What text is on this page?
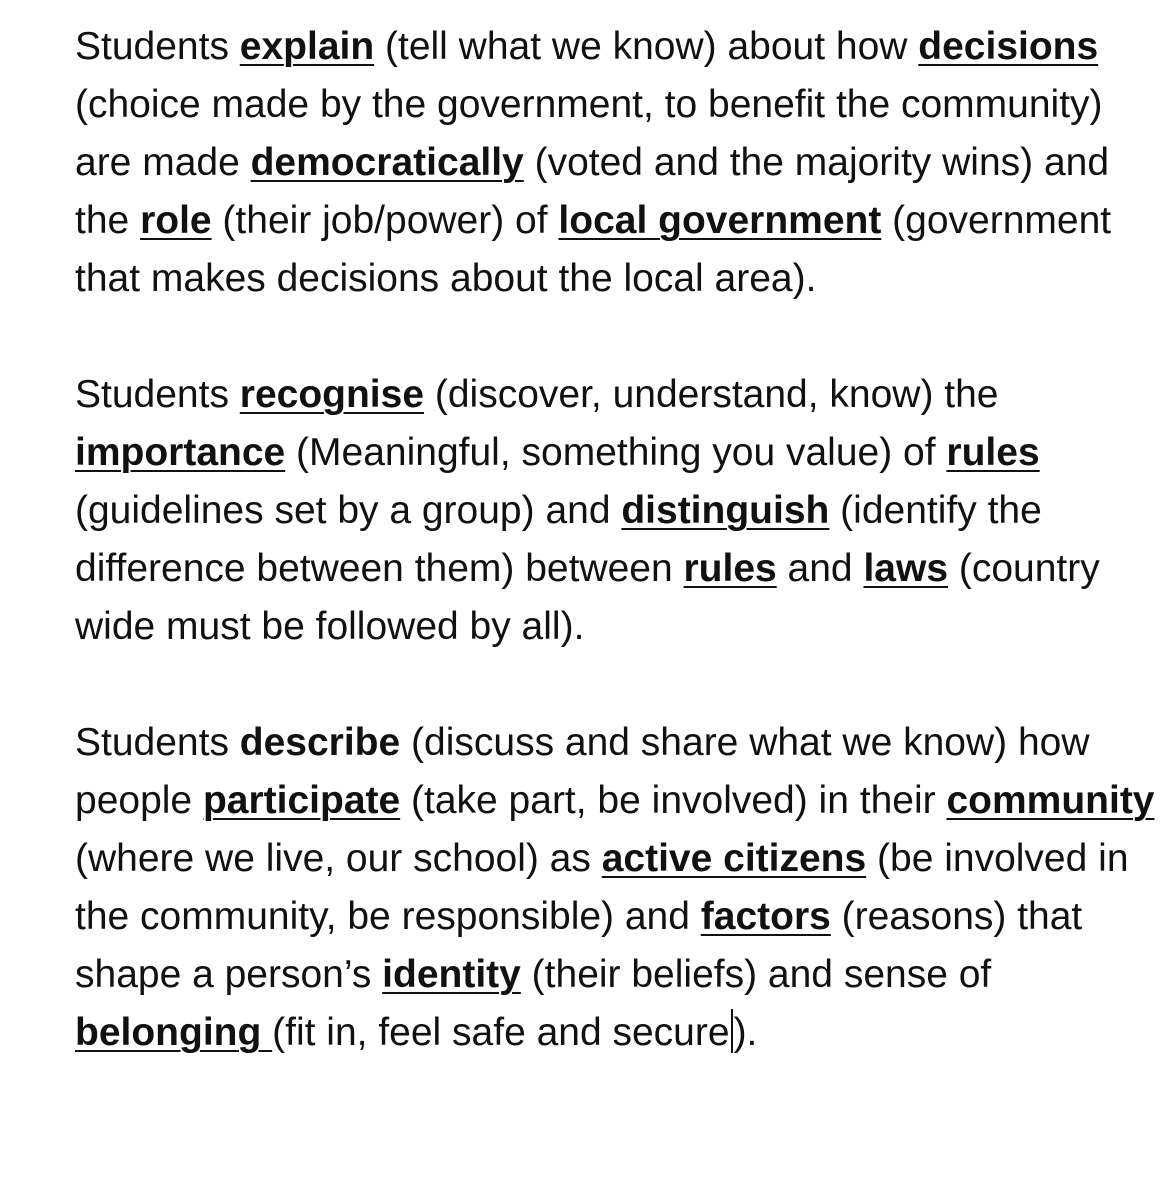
Students explain (tell what we know) about how decisions (choice made by the government, to benefit the community) are made democratically (voted and the majority wins) and the role (their job/power) of local government (government that makes decisions about the local area).

Students recognise (discover, understand, know) the importance (Meaningful, something you value) of rules (guidelines set by a group) and distinguish (identify the difference between them) between rules and laws (country wide must be followed by all).

Students describe (discuss and share what we know) how people participate (take part, be involved) in their community (where we live, our school) as active citizens (be involved in the community, be responsible) and factors (reasons) that shape a person’s identity (their beliefs) and sense of belonging (fit in, feel safe and secure ).
